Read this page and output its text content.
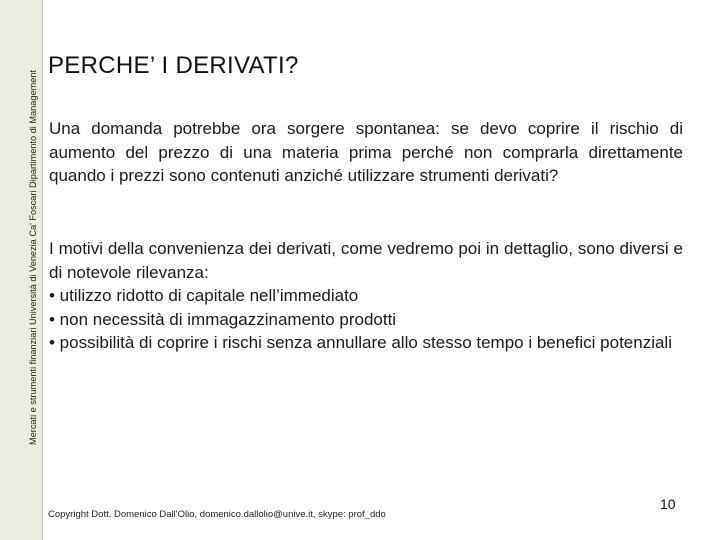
Mercati e strumenti finanziari Università di Venezia Ca' Foscari Dipartimento di Management
PERCHE’ I DERIVATI?
Una domanda potrebbe ora sorgere spontanea: se devo coprire il rischio di aumento del prezzo di una materia prima perché non comprarla direttamente quando i prezzi sono contenuti anziché utilizzare strumenti derivati?
I motivi della convenienza dei derivati, come vedremo poi in dettaglio, sono diversi e di notevole rilevanza:
• utilizzo ridotto di capitale nell’immediato
• non necessità di immagazzinamento prodotti
• possibilità di coprire i rischi senza annullare allo stesso tempo i benefici potenziali
Copyright Dott. Domenico Dall'Olio, domenico.dallolio@unive.it, skype: prof_ddo
10
